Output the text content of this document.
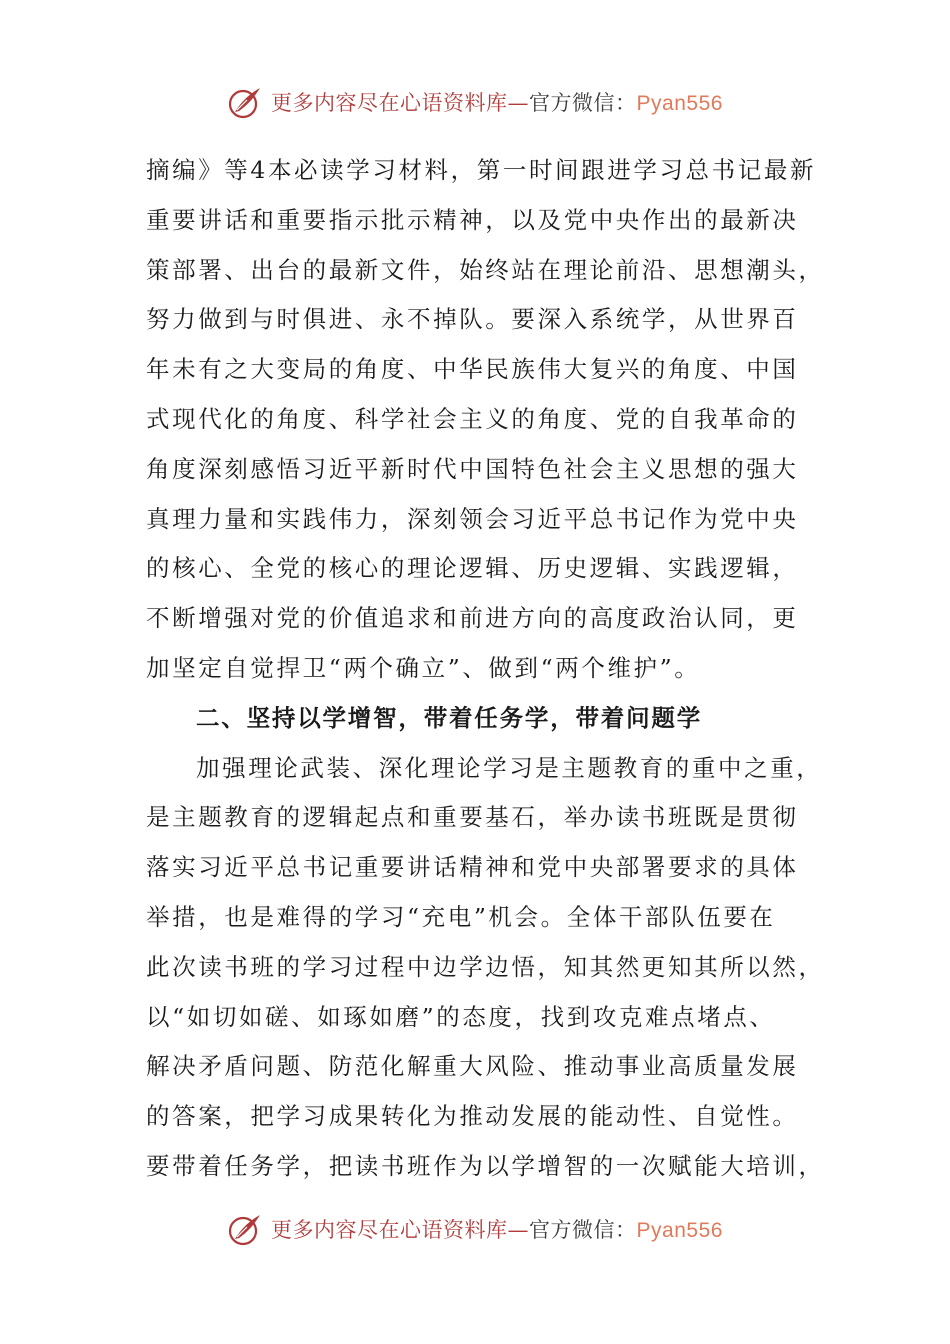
更多内容尽在心语资料库—官方微信：Pyan556
摘编》等4本必读学习材料，第一时间跟进学习总书记最新
重要讲话和重要指示批示精神，以及党中央作出的最新决
策部署、出台的最新文件，始终站在理论前沿、思想潮头，
努力做到与时俱进、永不掉队。要深入系统学，从世界百
年未有之大变局的角度、中华民族伟大复兴的角度、中国
式现代化的角度、科学社会主义的角度、党的自我革命的
角度深刻感悟习近平新时代中国特色社会主义思想的强大
真理力量和实践伟力，深刻领会习近平总书记作为党中央
的核心、全党的核心的理论逻辑、历史逻辑、实践逻辑，
不断增强对党的价值追求和前进方向的高度政治认同，更
加坚定自觉捍卫“两个确立”、做到“两个维护”。
二、坚持以学增智，带着任务学，带着问题学
加强理论武装、深化理论学习是主题教育的重中之重，
是主题教育的逻辑起点和重要基石，举办读书班既是贯彻
落实习近平总书记重要讲话精神和党中央部署要求的具体
举措，也是难得的学习“充电”机会。全体干部队伍要在
此次读书班的学习过程中边学边悟，知其然更知其所以然，
以“如切如磋、如琢如磨”的态度，找到攻克难点堵点、
解决矛盾问题、防范化解重大风险、推动事业高质量发展
的答案，把学习成果转化为推动发展的能动性、自觉性。
要带着任务学，把读书班作为以学增智的一次赋能大培训，
更多内容尽在心语资料库—官方微信：Pyan556
